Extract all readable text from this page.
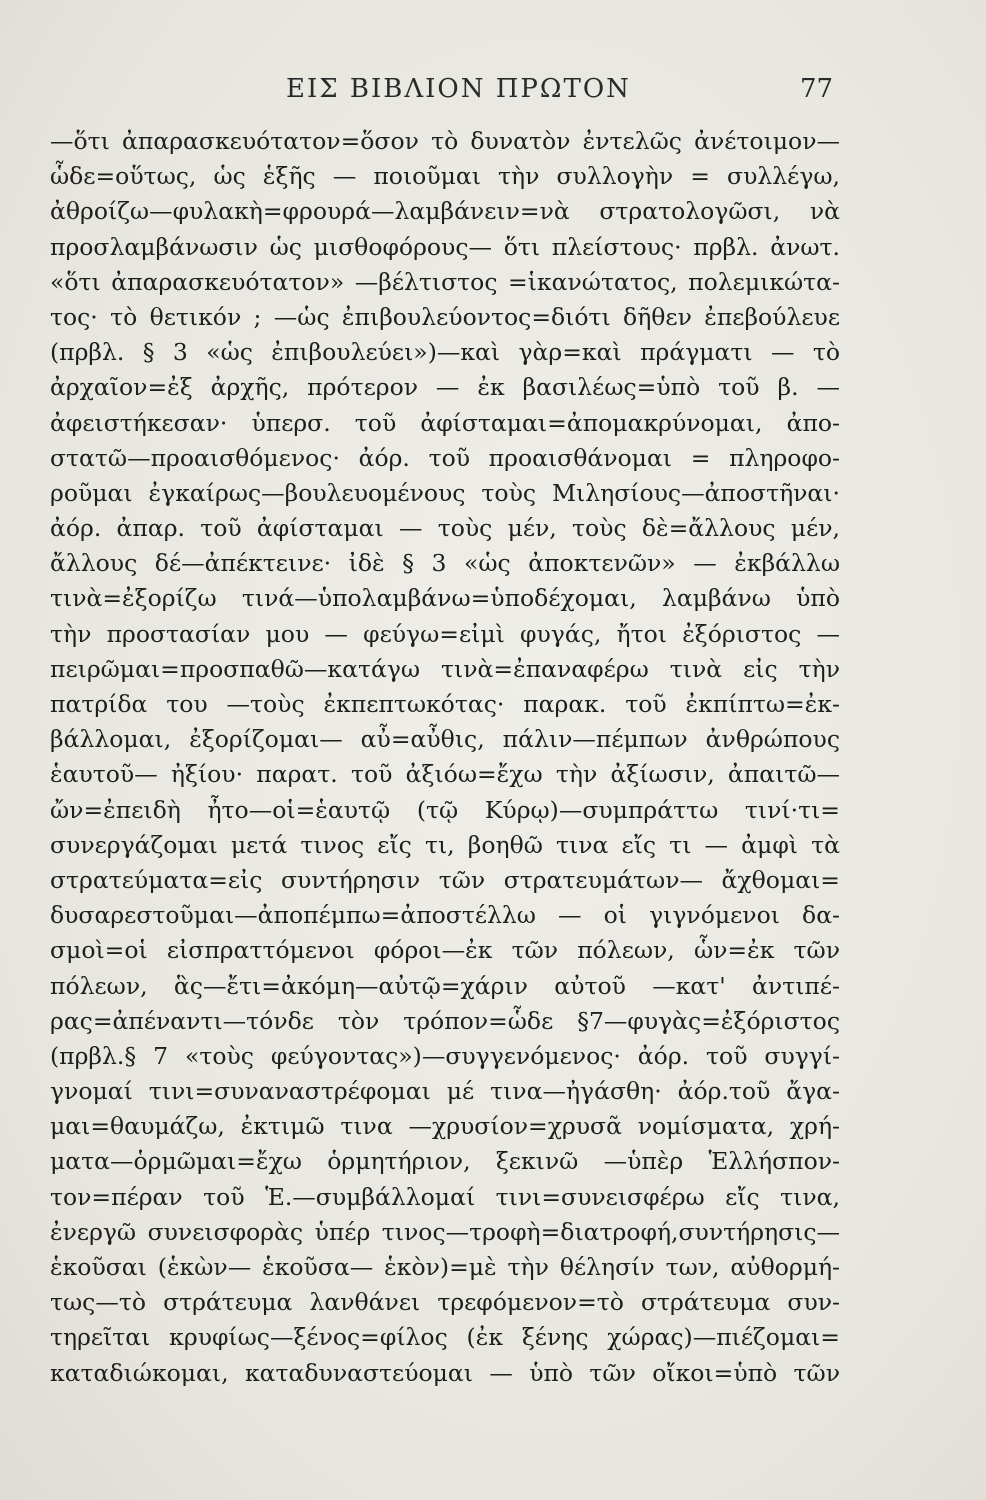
ΕΙΣ ΒΙΒΛΙΟΝ ΠΡΩΤΟΝ	77
—ὅτι ἀπαρασκευότατον=ὅσον τὸ δυνατὸν ἐντελῶς ἀνέτοιμον—
ὧδε=οὕτως, ὡς ἑξῆς — ποιοῦμαι τὴν συλλογὴν = συλλέγω,
ἀθροίζω—φυλακὴ=φρουρά—λαμβάνειν=νὰ στρατολογῶσι, νὰ
προσλαμβάνωσιν ὡς μισθοφόρους— ὅτι πλείστους· πρβλ. ἀνωτ.
«ὅτι ἀπαρασκευότατον» —βέλτιστος =ἱκανώτατος, πολεμικώτα-
τος· τὸ θετικόν ; —ὡς ἐπιβουλεύοντος=διότι δῆθεν ἐπεβούλευε
(πρβλ. § 3 «ὡς ἐπιβουλεύει»)—καὶ γὰρ=καὶ πράγματι — τὸ
ἀρχαῖον=ἐξ ἀρχῆς, πρότερον — ἐκ βασιλέως=ὑπὸ τοῦ β. —
ἀφειστήκεσαν· ὑπερσ. τοῦ ἀφίσταμαι=ἀπομακρύνομαι, ἀπο-
στατῶ—προαισθόμενος· ἀόρ. τοῦ προαισθάνομαι = πληροφο-
ροῦμαι ἐγκαίρως—βουλευομένους τοὺς Μιλησίους—ἀποστῆναι·
ἀόρ. ἀπαρ. τοῦ ἀφίσταμαι — τοὺς μέν, τοὺς δὲ=ἄλλους μέν,
ἄλλους δέ—ἀπέκτεινε· ἰδὲ § 3 «ὡς ἀποκτενῶν» — ἐκβάλλω
τινὰ=ἐξορίζω τινά—ὑπολαμβάνω=ὑποδέχομαι, λαμβάνω ὑπὸ
τὴν προστασίαν μου — φεύγω=εἰμὶ φυγάς, ἤτοι ἐξόριστος —
πειρῶμαι=προσπαθῶ—κατάγω τινὰ=ἐπαναφέρω τινὰ εἰς τὴν
πατρίδα του —τοὺς ἐκπεπτωκότας· παρακ. τοῦ ἐκπίπτω=ἐκ-
βάλλομαι, ἐξορίζομαι— αὖ=αὖθις, πάλιν—πέμπων ἀνθρώπους
ἑαυτοῦ— ἠξίου· παρατ. τοῦ ἀξιόω=ἔχω τὴν ἀξίωσιν, ἀπαιτῶ—
ὤν=ἐπειδὴ ἦτο—οἱ=ἑαυτῷ (τῷ Κύρῳ)—συμπράττω τινί·τι=
συνεργάζομαι μετά τινος εἴς τι, βοηθῶ τινα εἴς τι — ἀμφὶ τὰ
στρατεύματα=εἰς συντήρησιν τῶν στρατευμάτων— ἄχθομαι=
δυσαρεστοῦμαι—ἀποπέμπω=ἀποστέλλω — οἱ γιγνόμενοι δα-
σμοὶ=οἱ εἰσπραττόμενοι φόροι—ἐκ τῶν πόλεων, ὧν=ἐκ τῶν
πόλεων, ἃς—ἔτι=ἀκόμη—αὐτῷ=χάριν αὐτοῦ —κατ' ἀντιπέ-
ρας=ἀπέναντι—τόνδε τὸν τρόπον=ὧδε §7—φυγὰς=ἐξόριστος
(πρβλ.§ 7 «τοὺς φεύγοντας»)—συγγενόμενος· ἀόρ. τοῦ συγγί-
γνομαί τινι=συναναστρέφομαι μέ τινα—ἠγάσθη· ἀόρ.τοῦ ἄγα-
μαι=θαυμάζω, ἐκτιμῶ τινα —χρυσίον=χρυσᾶ νομίσματα, χρή-
ματα—ὁρμῶμαι=ἔχω ὁρμητήριον, ξεκινῶ —ὑπὲρ Ἑλλήσπον-
τον=πέραν τοῦ Ἑ.—συμβάλλομαί τινι=συνεισφέρω εἴς τινα,
ἐνεργῶ συνεισφορὰς ὑπέρ τινος—τροφὴ=διατροφή,συντήρησις—
ἑκοῦσαι (ἑκὼν— ἑκοῦσα— ἑκὸν)=μὲ τὴν θέλησίν των, αὐθορμή-
τως—τὸ στράτευμα λανθάνει τρεφόμενον=τὸ στράτευμα συν-
τηρεῖται κρυφίως—ξένος=φίλος (ἐκ ξένης χώρας)—πιέζομαι=
καταδιώκομαι, καταδυναστεύομαι — ὑπὸ τῶν οἴκοι=ὑπὸ τῶν
